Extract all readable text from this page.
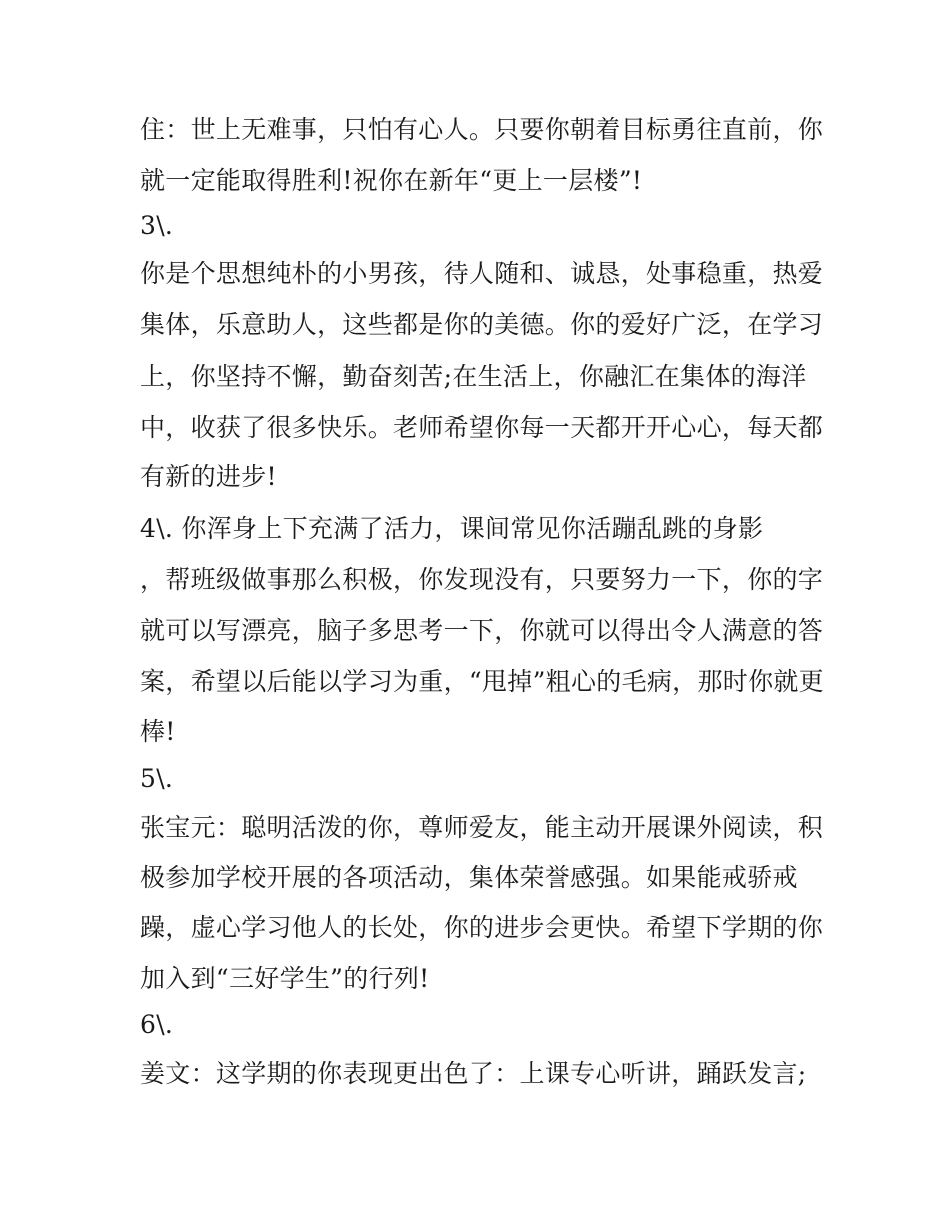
住：世上无难事，只怕有心人。只要你朝着目标勇往直前，你
就一定能取得胜利!祝你在新年“更上一层楼”!
3\.
你是个思想纯朴的小男孩，待人随和、诚恳，处事稳重，热爱
集体，乐意助人，这些都是你的美德。你的爱好广泛，在学习
上，你坚持不懈，勤奋刻苦;在生活上，你融汇在集体的海洋
中，收获了很多快乐。老师希望你每一天都开开心心，每天都
有新的进步!
4\. 你浑身上下充满了活力，课间常见你活蹦乱跳的身影
，帮班级做事那么积极，你发现没有，只要努力一下，你的字
就可以写漂亮，脑子多思考一下，你就可以得出令人满意的答
案，希望以后能以学习为重，“甩掉”粗心的毛病，那时你就更
棒!
5\.
张宝元：聪明活泼的你，尊师爱友，能主动开展课外阅读，积
极参加学校开展的各项活动，集体荣誉感强。如果能戒骄戒
躁，虚心学习他人的长处，你的进步会更快。希望下学期的你
加入到“三好学生”的行列!
6\.
姜文：这学期的你表现更出色了：上课专心听讲，踊跃发言;
